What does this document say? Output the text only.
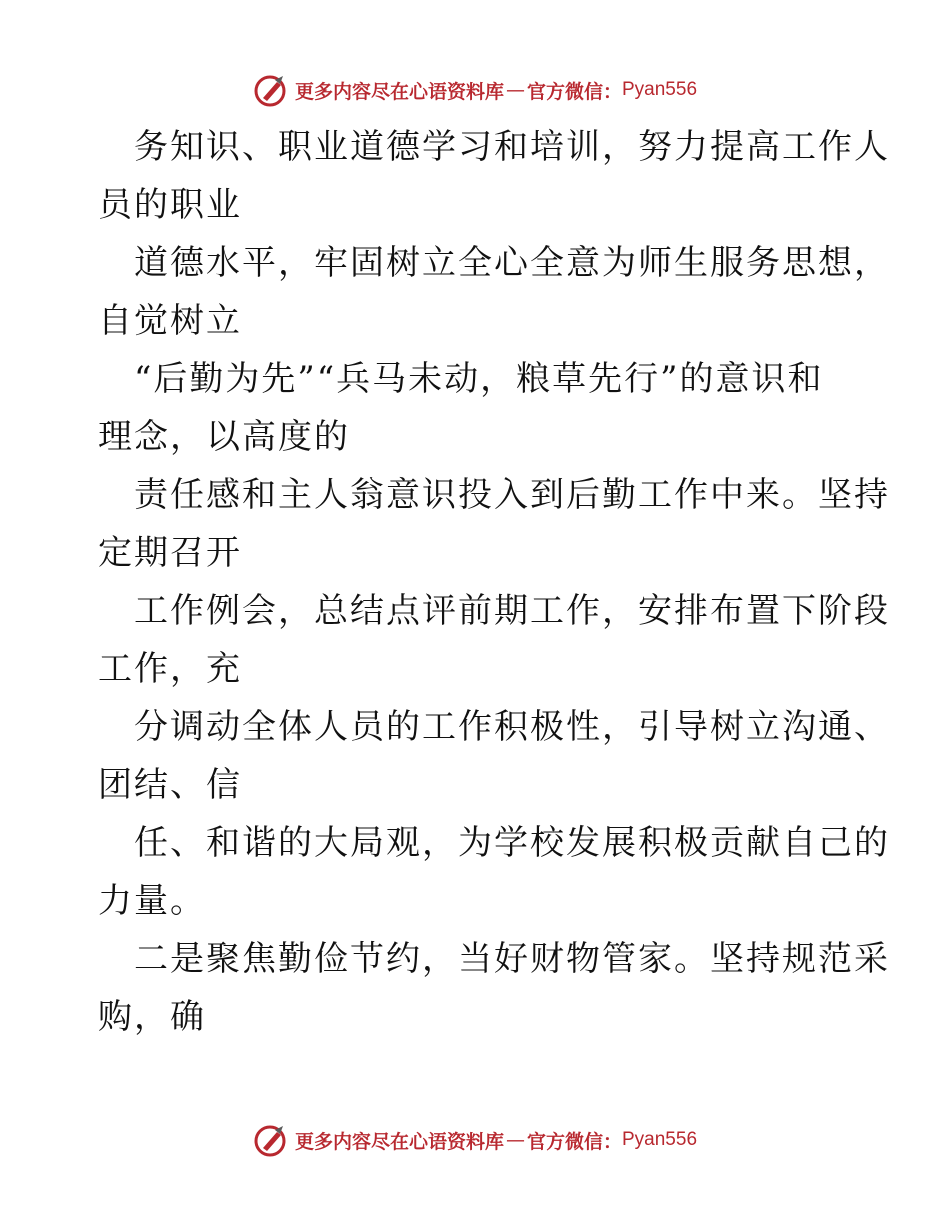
更多内容尽在心语资料库 — 官方微信： Pyan556

务知识、职业道德学习和培训，努力提高工作人
员的职业

道德水平，牢固树立全心全意为师生服务思想，
自觉树立

“后勤为先”“兵马未动，粮草先行”的意识和
理念，以高度的

责任感和主人翁意识投入到后勤工作中来。坚持
定期召开

工作例会，总结点评前期工作，安排布置下阶段
工作，充

分调动全体人员的工作积极性，引导树立沟通、
团结、信

任、和谐的大局观，为学校发展积极贡献自己的
力量。

二是聚焦勤俭节约，当好财物管家。坚持规范采
购，确

更多内容尽在心语资料库 — 官方微信： Pyan556
